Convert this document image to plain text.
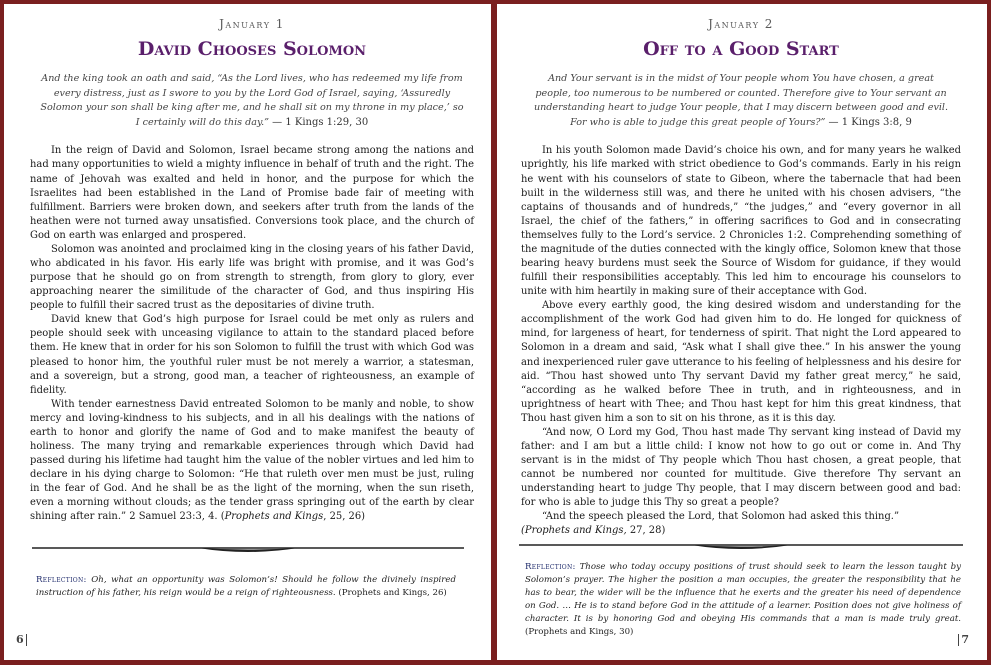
January 1
David Chooses Solomon
And the king took an oath and said, “As the Lord lives, who has redeemed my life from every distress, just as I swore to you by the Lord God of Israel, saying, ‘Assuredly Solomon your son shall be king after me, and he shall sit on my throne in my place,’ so I certainly will do this day.” — 1 Kings 1:29, 30

In the reign of David and Solomon, Israel became strong among the nations and had many opportunities to wield a mighty influence in behalf of truth and the right. The name of Jehovah was exalted and held in honor, and the purpose for which the Israelites had been established in the Land of Promise bade fair of meeting with fulfillment. Barriers were broken down, and seekers after truth from the lands of the heathen were not turned away unsatisfied. Conversions took place, and the church of God on earth was enlarged and prospered.

Solomon was anointed and proclaimed king in the closing years of his father David, who abdicated in his favor. His early life was bright with promise, and it was God’s purpose that he should go on from strength to strength, from glory to glory, ever approaching nearer the similitude of the character of God, and thus inspiring His people to fulfill their sacred trust as the depositaries of divine truth.

David knew that God’s high purpose for Israel could be met only as rulers and people should seek with unceasing vigilance to attain to the standard placed before them. He knew that in order for his son Solomon to fulfill the trust with which God was pleased to honor him, the youthful ruler must be not merely a warrior, a statesman, and a sovereign, but a strong, good man, a teacher of righteousness, an example of fidelity.

With tender earnestness David entreated Solomon to be manly and noble, to show mercy and loving-kindness to his subjects, and in all his dealings with the nations of earth to honor and glorify the name of God and to make manifest the beauty of holiness. The many trying and remarkable experiences through which David had passed during his lifetime had taught him the value of the nobler virtues and led him to declare in his dying charge to Solomon: “He that ruleth over men must be just, ruling in the fear of God. And he shall be as the light of the morning, when the sun riseth, even a morning without clouds; as the tender grass springing out of the earth by clear shining after rain.” 2 Samuel 23:3, 4. (Prophets and Kings, 25, 26)

Reflection: Oh, what an opportunity was Solomon’s! Should he follow the divinely inspired instruction of his father, his reign would be a reign of righteousness. (Prophets and Kings, 26)
6
January 2
Off to a Good Start
And Your servant is in the midst of Your people whom You have chosen, a great people, too numerous to be numbered or counted. Therefore give to Your servant an understanding heart to judge Your people, that I may discern between good and evil. For who is able to judge this great people of Yours?” — 1 Kings 3:8, 9

In his youth Solomon made David’s choice his own, and for many years he walked uprightly, his life marked with strict obedience to God’s commands. Early in his reign he went with his counselors of state to Gibeon, where the tabernacle that had been built in the wilderness still was, and there he united with his chosen advisers, “the captains of thousands and of hundreds,” “the judges,” and “every governor in all Israel, the chief of the fathers,” in offering sacrifices to God and in consecrating themselves fully to the Lord’s service. 2 Chronicles 1:2. Comprehending something of the magnitude of the duties connected with the kingly office, Solomon knew that those bearing heavy burdens must seek the Source of Wisdom for guidance, if they would fulfill their responsibilities acceptably. This led him to encourage his counselors to unite with him heartily in making sure of their acceptance with God.

Above every earthly good, the king desired wisdom and understanding for the accomplishment of the work God had given him to do. He longed for quickness of mind, for largeness of heart, for tenderness of spirit. That night the Lord appeared to Solomon in a dream and said, “Ask what I shall give thee.” In his answer the young and inexperienced ruler gave utterance to his feeling of helplessness and his desire for aid. “Thou hast showed unto Thy servant David my father great mercy,” he said, “according as he walked before Thee in truth, and in righteousness, and in uprightness of heart with Thee; and Thou hast kept for him this great kindness, that Thou hast given him a son to sit on his throne, as it is this day.

“And now, O Lord my God, Thou hast made Thy servant king instead of David my father: and I am but a little child: I know not how to go out or come in. And Thy servant is in the midst of Thy people which Thou hast chosen, a great people, that cannot be numbered nor counted for multitude. Give therefore Thy servant an understanding heart to judge Thy people, that I may discern between good and bad: for who is able to judge this Thy so great a people?

“And the speech pleased the Lord, that Solomon had asked this thing.”

(Prophets and Kings, 27, 28)

Reflection: Those who today occupy positions of trust should seek to learn the lesson taught by Solomon’s prayer. The higher the position a man occupies, the greater the responsibility that he has to bear, the wider will be the influence that he exerts and the greater his need of dependence on God. … He is to stand before God in the attitude of a learner. Position does not give holiness of character. It is by honoring God and obeying His commands that a man is made truly great. (Prophets and Kings, 30)
7
